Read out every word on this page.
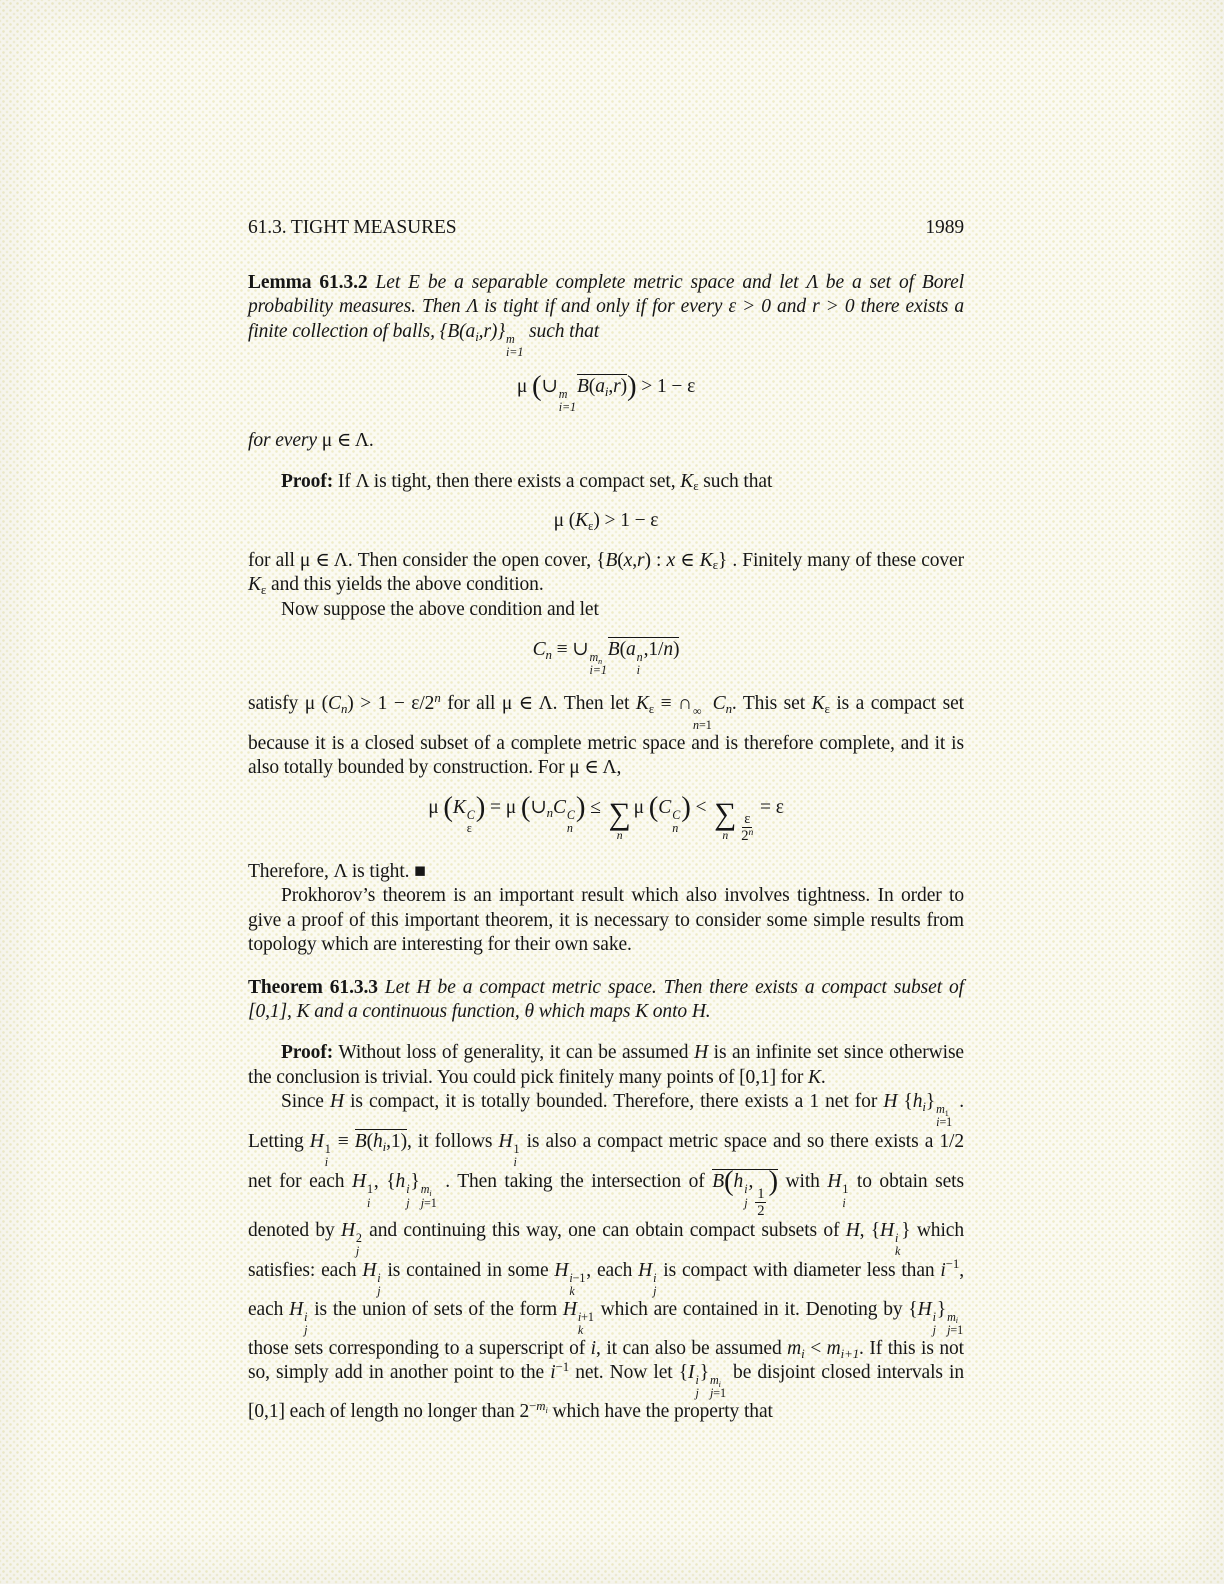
61.3. TIGHT MEASURES	1989
Lemma 61.3.2 Let E be a separable complete metric space and let Λ be a set of Borel probability measures. Then Λ is tight if and only if for every ε > 0 and r > 0 there exists a finite collection of balls, {B(ai,r)} m
i=1
such that
μ (∪ m
i=1
B(ai,r)) > 1 − ε
for every μ ∈ Λ.
Proof: If Λ is tight, then there exists a compact set, Kε such that
μ (Kε) > 1 − ε
for all μ ∈ Λ. Then consider the open cover, {B(x,r) : x ∈ Kε} . Finitely many of these cover Kε and this yields the above condition.
Now suppose the above condition and let
Cn ≡ ∪ mn
i=1
B(a n
i
,1/n)
satisfy μ $(Cn) > 1 - \varepsilon/2^n$ for all μ ∈ Λ. Then let Kε ≡ ∩ ∞
n=1
Cn. This set Kε is a compact set because it is a closed subset of a complete metric space and is therefore complete, and it is also totally bounded by construction. For μ ∈ Λ,
μ (K C
ε
) = μ (∪nC C
n
) ≤ ∑
n
μ (C C
n
) < ∑
n $\frac{\varepsilon}{2^n}$
= ε
Therefore, Λ is tight. ■
Prokhorov’s theorem is an important result which also involves tightness. In order to give a proof of this important theorem, it is necessary to consider some simple results from topology which are interesting for their own sake.
Theorem 61.3.3 Let H be a compact metric space. Then there exists a compact subset of [0,1], K and a continuous function, θ which maps K onto H.
Proof: Without loss of generality, it can be assumed H is an infinite set since otherwise the conclusion is trivial. You could pick finitely many points of [0,1] for K.
Since H is compact, it is totally bounded. Therefore, there exists a 1 net for H {hi} m1
i=1
. Letting H 1
i
≡ B(hi,1), it follows H 1
i
is also a compact metric space and so there exists a 1/2 net for each H 1
i
, {h i
j
} mi
j=1
. Then taking the intersection of B(h i
j
,
$\frac{1}{2}$
) with H 1
i
to obtain sets denoted by H 2
j
and continuing this way, one can obtain compact subsets of H, {H i
k
} which satisfies: each H i
j
is contained in some H i−1
k
, each H i
j
is compact with diameter less than $i^{-1}$, each H i
j
is the union of sets of the form H i+1
k
which are contained in it. Denoting by {H i
j
} mi
j=1
those sets corresponding to a superscript of i, it can also be assumed mi < mi+1. If this is not so, simply add in another point to the $i^{-1}$ net. Now let {I i
j
} mi
j=1
be disjoint closed intervals in [0,1] each of length no longer than $2^{-mi}$ which have the property that
